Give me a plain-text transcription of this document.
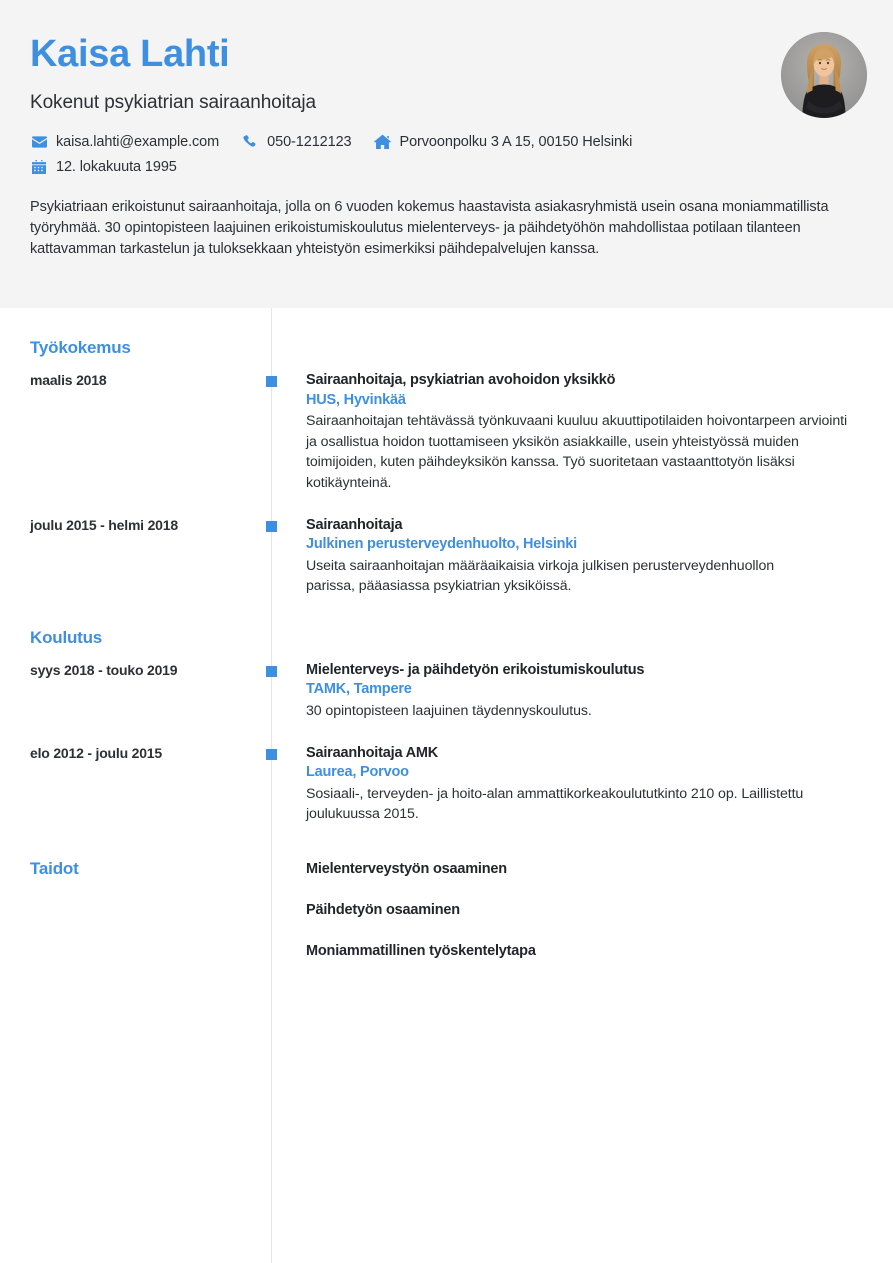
Kaisa Lahti
Kokenut psykiatrian sairaanhoitaja
kaisa.lahti@example.com	050-1212123	Porvoonpolku 3 A 15, 00150 Helsinki
12. lokakuuta 1995
Psykiatriaan erikoistunut sairaanhoitaja, jolla on 6 vuoden kokemus haastavista asiakasryhmistä usein osana moniammatillista työryhmää. 30 opintopisteen laajuinen erikoistumiskoulutus mielenterveys- ja päihdetyöhön mahdollistaa potilaan tilanteen kattavamman tarkastelun ja tuloksekkaan yhteistyön esimerkiksi päihdepalvelujen kanssa.
Työkokemus
maalis 2018	Sairaanhoitaja, psykiatrian avohoidon yksikkö
HUS, Hyvinkää
Sairaanhoitajan tehtävässä työnkuvaani kuuluu akuuttipotilaiden hoivontarpeen arviointi ja osallistua hoidon tuottamiseen yksikön asiakkaille, usein yhteistyössä muiden toimijoiden, kuten päihdeyksikön kanssa. Työ suoritetaan vastaanttotyön lisäksi kotikäynteinä.
joulu 2015 - helmi 2018	Sairaanhoitaja
Julkinen perusterveydenhuolto, Helsinki
Useita sairaanhoitajan määräaikaisia virkoja julkisen perusterveydenhuollon parissa, pääasiassa psykiatrian yksiköissä.
Koulutus
syys 2018 - touko 2019	Mielenterveys- ja päihdetyön erikoistumiskoulutus
TAMK, Tampere
30 opintopisteen laajuinen täydennyskoulutus.
elo 2012 - joulu 2015	Sairaanhoitaja AMK
Laurea, Porvoo
Sosiaali-, terveyden- ja hoito-alan ammattikorkeakoulututkinto 210 op. Laillistettu joulukuussa 2015.
Taidot	Mielenterveystyön osaaminen
Päihdetyön osaaminen
Moniammatillinen työskentelytapa
